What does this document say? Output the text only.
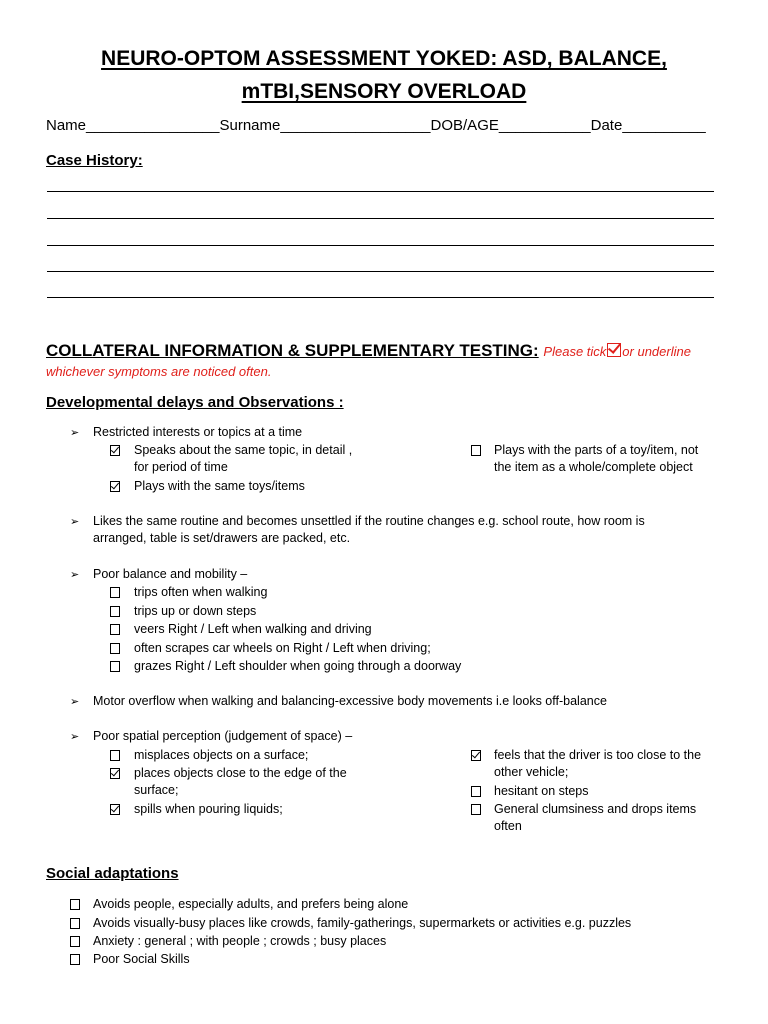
NEURO-OPTOM ASSESSMENT YOKED: ASD, BALANCE,
mTBI,SENSORY OVERLOAD
Name________________Surname__________________DOB/AGE___________Date__________
Case History:
COLLATERAL INFORMATION & SUPPLEMENTARY TESTING: Please tick or underline
whichever symptoms are noticed often.
Developmental delays and Observations :
➢ Restricted interests or topics at a time
Speaks about the same topic, in detail ,
for period of time
Plays with the same toys/items
Plays with the parts of a toy/item, not
the item as a whole/complete object
➢ Likes the same routine and becomes unsettled if the routine changes e.g. school route, how room is
arranged, table is set/drawers are packed, etc.
➢ Poor balance and mobility –
trips often when walking
trips up or down steps
veers Right / Left when walking and driving
often scrapes car wheels on Right / Left when driving;
grazes Right / Left shoulder when going through a doorway
➢ Motor overflow when walking and balancing-excessive body movements i.e looks off-balance
➢ Poor spatial perception (judgement of space) –
misplaces objects on a surface;
places objects close to the edge of the
surface;
spills when pouring liquids;
feels that the driver is too close to the
other vehicle;
hesitant on steps
General clumsiness and drops items
often
Social adaptations
Avoids people, especially adults, and prefers being alone
Avoids visually-busy places like crowds, family-gatherings, supermarkets or activities e.g. puzzles
Anxiety : general ; with people ; crowds ; busy places
Poor Social Skills
